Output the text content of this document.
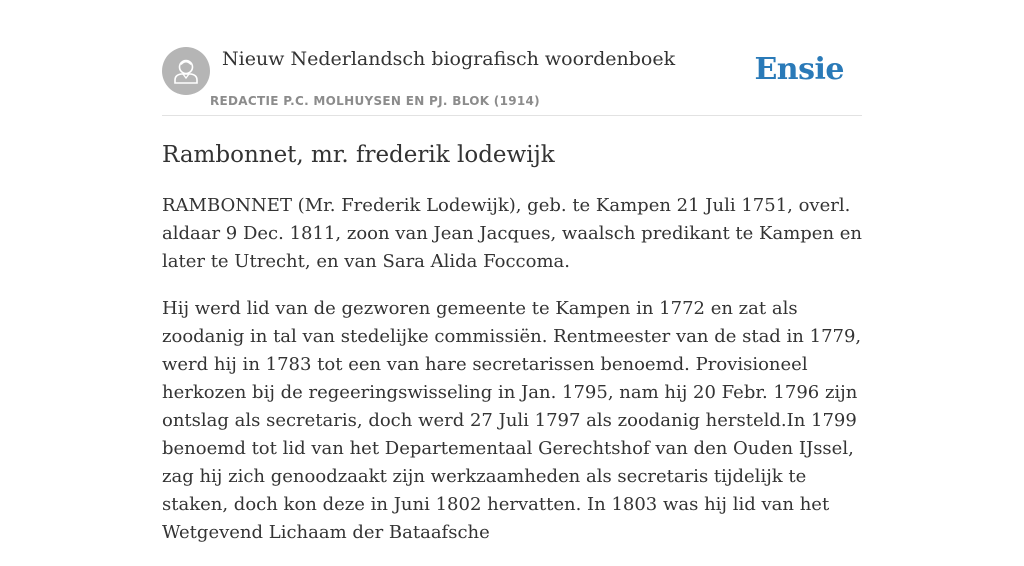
Nieuw Nederlandsch biografisch woordenboek
REDACTIE P.C. MOLHUYSEN EN PJ. BLOK (1914)
Ensie
Rambonnet, mr. frederik lodewijk

RAMBONNET (Mr. Frederik Lodewijk), geb. te Kampen 21 Juli 1751, overl. aldaar 9 Dec. 1811, zoon van Jean Jacques, waalsch predikant te Kampen en later te Utrecht, en van Sara Alida Foccoma.

Hij werd lid van de gezworen gemeente te Kampen in 1772 en zat als zoodanig in tal van stedelijke commissiën. Rentmeester van de stad in 1779, werd hij in 1783 tot een van hare secretarissen benoemd. Provisioneel herkozen bij de regeeringswisseling in Jan. 1795, nam hij 20 Febr. 1796 zijn ontslag als secretaris, doch werd 27 Juli 1797 als zoodanig hersteld.In 1799 benoemd tot lid van het Departementaal Gerechtshof van den Ouden IJssel, zag hij zich genoodzaakt zijn werkzaamheden als secretaris tijdelijk te staken, doch kon deze in Juni 1802 hervatten. In 1803 was hij lid van het Wetgevend Lichaam der Bataafsche
